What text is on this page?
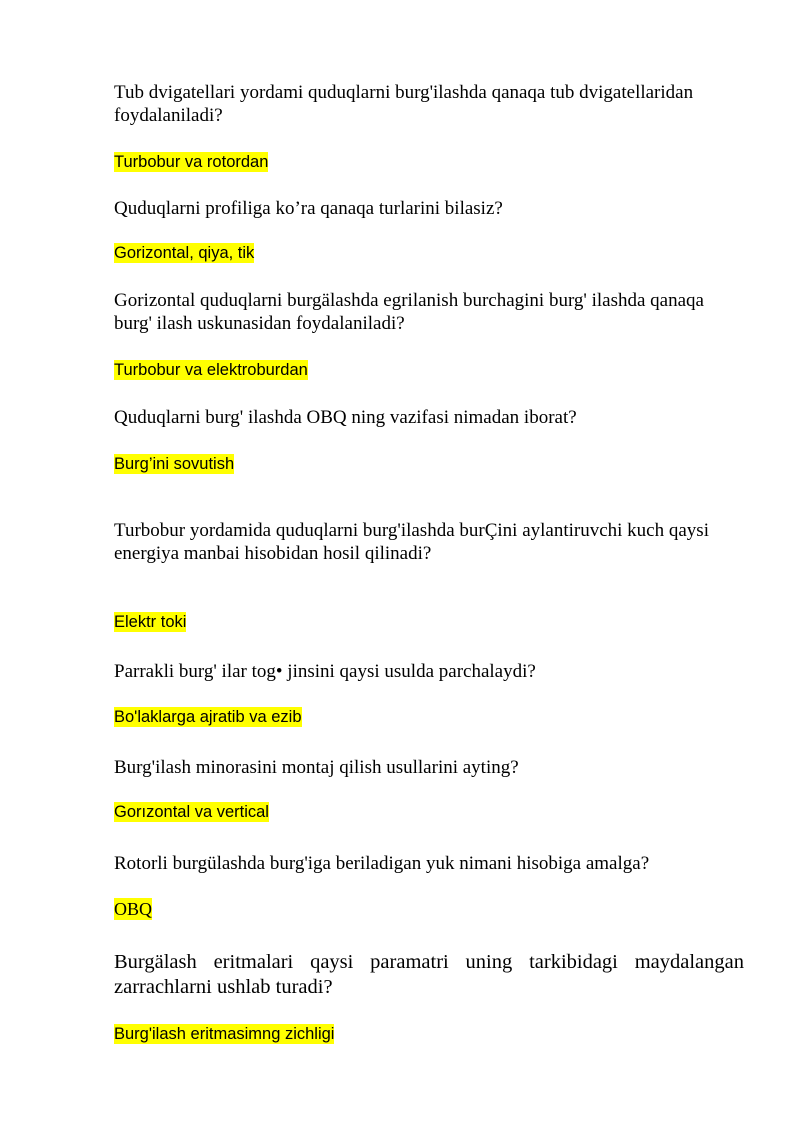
Tub dvigatellari yordami quduqlarni burg'ilashda qanaqa tub dvigatellaridan foydalaniladi?

Turbobur va rotordan

Quduqlarni profiliga ko’ra qanaqa turlarini bilasiz?

Gorizontal, qiya, tik

Gorizontal quduqlarni burgälashda egrilanish burchagini burg' ilashda qanaqa burg' ilash uskunasidan foydalaniladi?

Turbobur va elektroburdan

Quduqlarni burg' ilashda OBQ ning vazifasi nimadan iborat?

Burg’ini sovutish

Turbobur yordamida quduqlarni burg'ilashda burÇini aylantiruvchi kuch qaysi energiya manbai hisobidan hosil qilinadi?

Elektr toki

Parrakli burg' ilar tog• jinsini qaysi usulda parchalaydi?

Bo'laklarga ajratib va ezib

Burg'ilash minorasini montaj qilish usullarini ayting?

Gorızontal va vertical

Rotorli burgülashda burg'iga beriladigan yuk nimani hisobiga amalga?

OBQ

Burgälash eritmalari qaysi paramatri uning tarkibidagi maydalangan zarrachlarni ushlab turadi?

Burg'ilash eritmasimng zichligi
